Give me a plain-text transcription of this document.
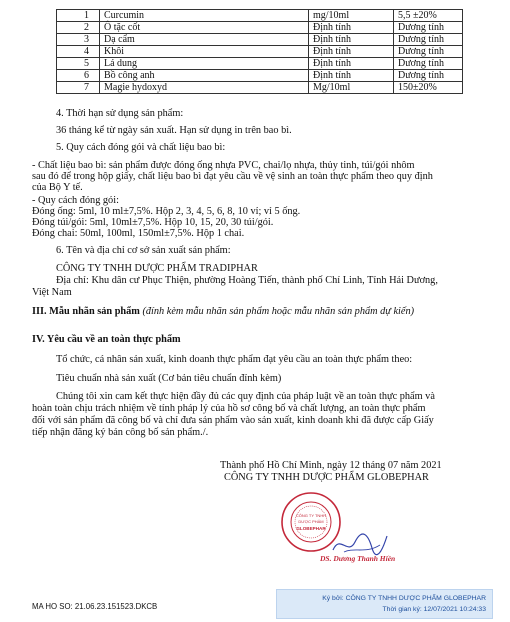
1	Curcumin	mg/10ml	5,5 ±20%
2	Ô tặc cốt	Định tính	Dương tính
3	Dạ cẩm	Định tính	Dương tính
4	Khôi	Định tính	Dương tính
5	Lá dung	Định tính	Dương tính
6	Bồ công anh	Định tính	Dương tính
7	Magie hydoxyd	Mg/10ml	150±20%
4. Thời hạn sử dụng sản phẩm:
36 tháng kể từ ngày sản xuất. Hạn sử dụng in trên bao bì.
5. Quy cách đóng gói và chất liệu bao bì:
- Chất liệu bao bì: sản phẩm được đóng ống nhựa PVC, chai/lọ nhựa, thủy tinh, túi/gói nhôm
sau đó để trong hộp giấy, chất liệu bao bì đạt yêu cầu về vệ sinh an toàn thực phẩm theo quy định
của Bộ Y tế.
- Quy cách đóng gói:
Đóng ống: 5ml, 10 ml±7,5%. Hộp 2, 3, 4, 5, 6, 8, 10 vỉ; vỉ 5 ống.
Đóng túi/gói: 5ml, 10ml±7,5%. Hộp 10, 15, 20, 30 túi/gói.
Đóng chai: 50ml, 100ml, 150ml±7,5%. Hộp 1 chai.
6. Tên và địa chỉ cơ sở sản xuất sản phẩm:
CÔNG TY TNHH DƯỢC PHẨM TRADIPHAR
Địa chỉ: Khu dân cư Phục Thiện, phường Hoàng Tiến, thành phố Chí Linh, Tỉnh Hải Dương,
Việt Nam
III. Mẫu nhãn sản phẩm (đính kèm mẫu nhãn sản phẩm hoặc mẫu nhãn sản phẩm dự kiến)
IV. Yêu cầu về an toàn thực phẩm
Tổ chức, cá nhân sản xuất, kinh doanh thực phẩm đạt yêu cầu an toàn thực phẩm theo:
Tiêu chuẩn nhà sản xuất (Cơ bản tiêu chuẩn đính kèm)
Chúng tôi xin cam kết thực hiện đầy đủ các quy định của pháp luật về an toàn thực phẩm và
hoàn toàn chịu trách nhiệm về tính pháp lý của hồ sơ công bố và chất lượng, an toàn thực phẩm
đối với sản phẩm đã công bố và chỉ đưa sản phẩm vào sản xuất, kinh doanh khi đã được cấp Giấy
tiếp nhận đăng ký bản công bố sản phẩm./.
Thành phố Hồ Chí Minh, ngày 12 tháng 07 năm 2021
CÔNG TY TNHH DƯỢC PHẨM GLOBEPHAR
CÔNG TY TNHH
DƯỢC PHẨM
GLOBEPHAR
DS. Dương Thanh Hiền
MA HO SO: 21.06.23.151523.DKCB
Ký bởi: CÔNG TY TNHH DƯỢC PHẨM GLOBEPHAR
Thời gian ký: 12/07/2021 10:24:33
